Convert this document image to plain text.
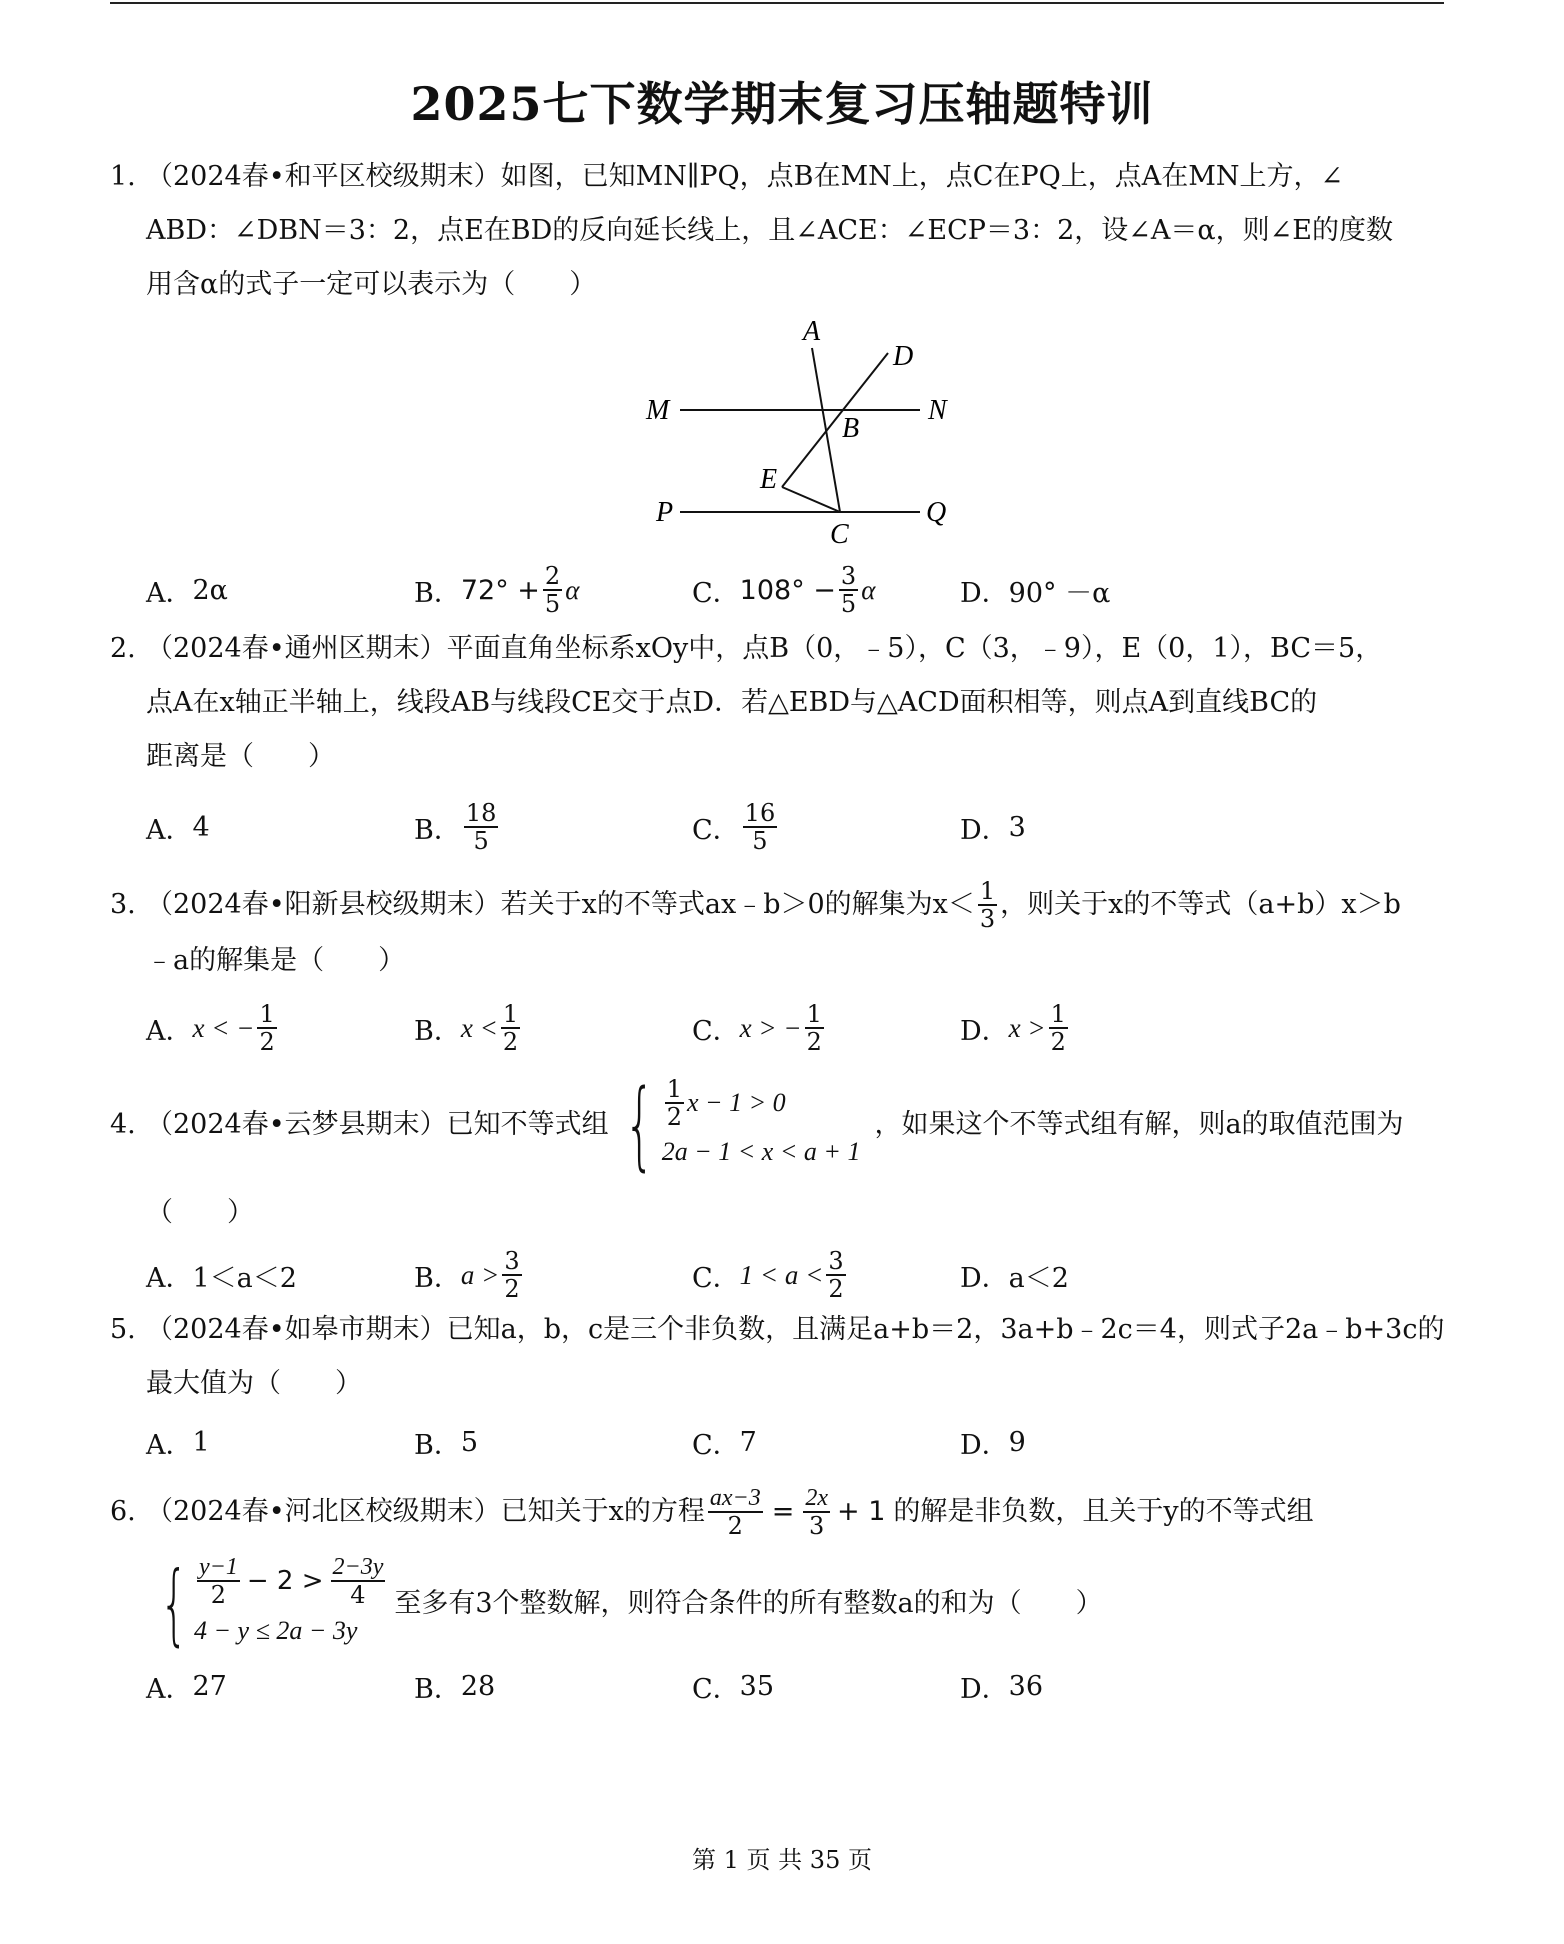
2025七下数学期末复习压轴题特训
1. （2024春•和平区校级期末）如图，已知MN∥PQ，点B在MN上，点C在PQ上，点A在MN上方，∠
ABD：∠DBN＝3：2，点E在BD的反向延长线上，且∠ACE：∠ECP＝3：2，设∠A＝α，则∠E的度数
用含α的式子一定可以表示为（　　）
A
D
M	N
B
E
P	Q
C
A． 2α	B． $72^\circ + \frac{2}{5}$ α	C． $108^\circ - \frac{3}{5}$ α	D． 90° －α
2. （2024春•通州区期末）平面直角坐标系xOy中，点B（0，﹣5），C（3，﹣9），E（0，1），BC＝5，
点A在x轴正半轴上，线段AB与线段CE交于点D．若△EBD与△ACD面积相等，则点A到直线BC的
距离是（　　）
A． 4	B． $\frac{18}{5}$	C． $\frac{16}{5}$	D． 3
3. （2024春•阳新县校级期末）若关于x的不等式ax﹣b＞0的解集为$x< \frac{1}{3}$ ，则关于x的不等式（a+b）x＞b
﹣a的解集是（　　）
A． x < − $\frac{1}{2}$	B． $x < \frac{1}{2}$	C． x > − $\frac{1}{2}$	D． $x > \frac{1}{2}$
4. （2024春•云梦县期末）已知不等式组 { $\frac{1}{2}$ x − 1 > 0
2a − 1 < x < a + 1
，如果这个不等式组有解，则a的取值范围为
（　　）
A． 1＜a＜2	B． $a > \frac{3}{2}$	C． $1 < a < \frac{3}{2}$	D． a＜2
5. （2024春•如皋市期末）已知a，b，c是三个非负数，且满足a+b＝2，3a+b﹣2c＝4，则式子2a﹣b+3c的
最大值为（　　）
A． 1	B． 5	C． 7	D． 9
6. （2024春•河北区校级期末）已知关于x的方程 $\frac{ax-3}{2} = \frac{2x}{3} + 1$ 的解是非负数，且关于y的不等式组
{ $\frac{y-1}{2} - 2 > \frac{2-3y}{4}$
4 − y ≤ 2a − 3y
至多有3个整数解，则符合条件的所有整数a的和为（　　）
A． 27	B． 28	C． 35	D． 36
第 1 页 共 35 页
